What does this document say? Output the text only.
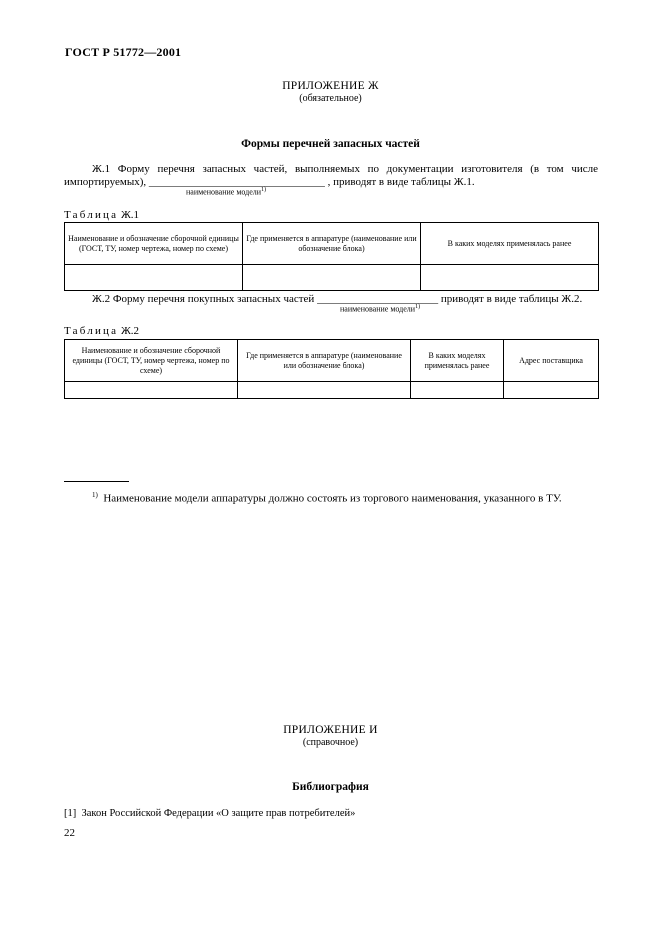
ГОСТ Р 51772—2001
ПРИЛОЖЕНИЕ Ж
(обязательное)
Формы перечней запасных частей
Ж.1 Форму перечня запасных частей, выполняемых по документации изготовителя (в том числе
импортируемых), ________________________________ , приводят в виде таблицы Ж.1.
наименование модели$^{1)}$
Таблица Ж.1
Наименование и обозначение сборочной единицы (ГОСТ, ТУ, номер чертежа, номер по схеме)	Где применяется в аппаратуре (наименование или обозначение блока)	В каких моделях применялась ранее

Ж.2 Форму перечня покупных запасных частей ______________________ приводят в виде таблицы Ж.2.
наименование модели$^{1)}$
Таблица Ж.2
Наименование и обозначение сборочной единицы (ГОСТ, ТУ, номер чертежа, номер по схеме)	Где применяется в аппаратуре (наименование или обозначение блока)	В каких моделях применялась ранее	Адрес поставщика

$^{1)}$ Наименование модели аппаратуры должно состоять из торгового наименования, указанного в ТУ.
ПРИЛОЖЕНИЕ И
(справочное)
Библиография
[1]  Закон Российской Федерации «О защите прав потребителей»
22
